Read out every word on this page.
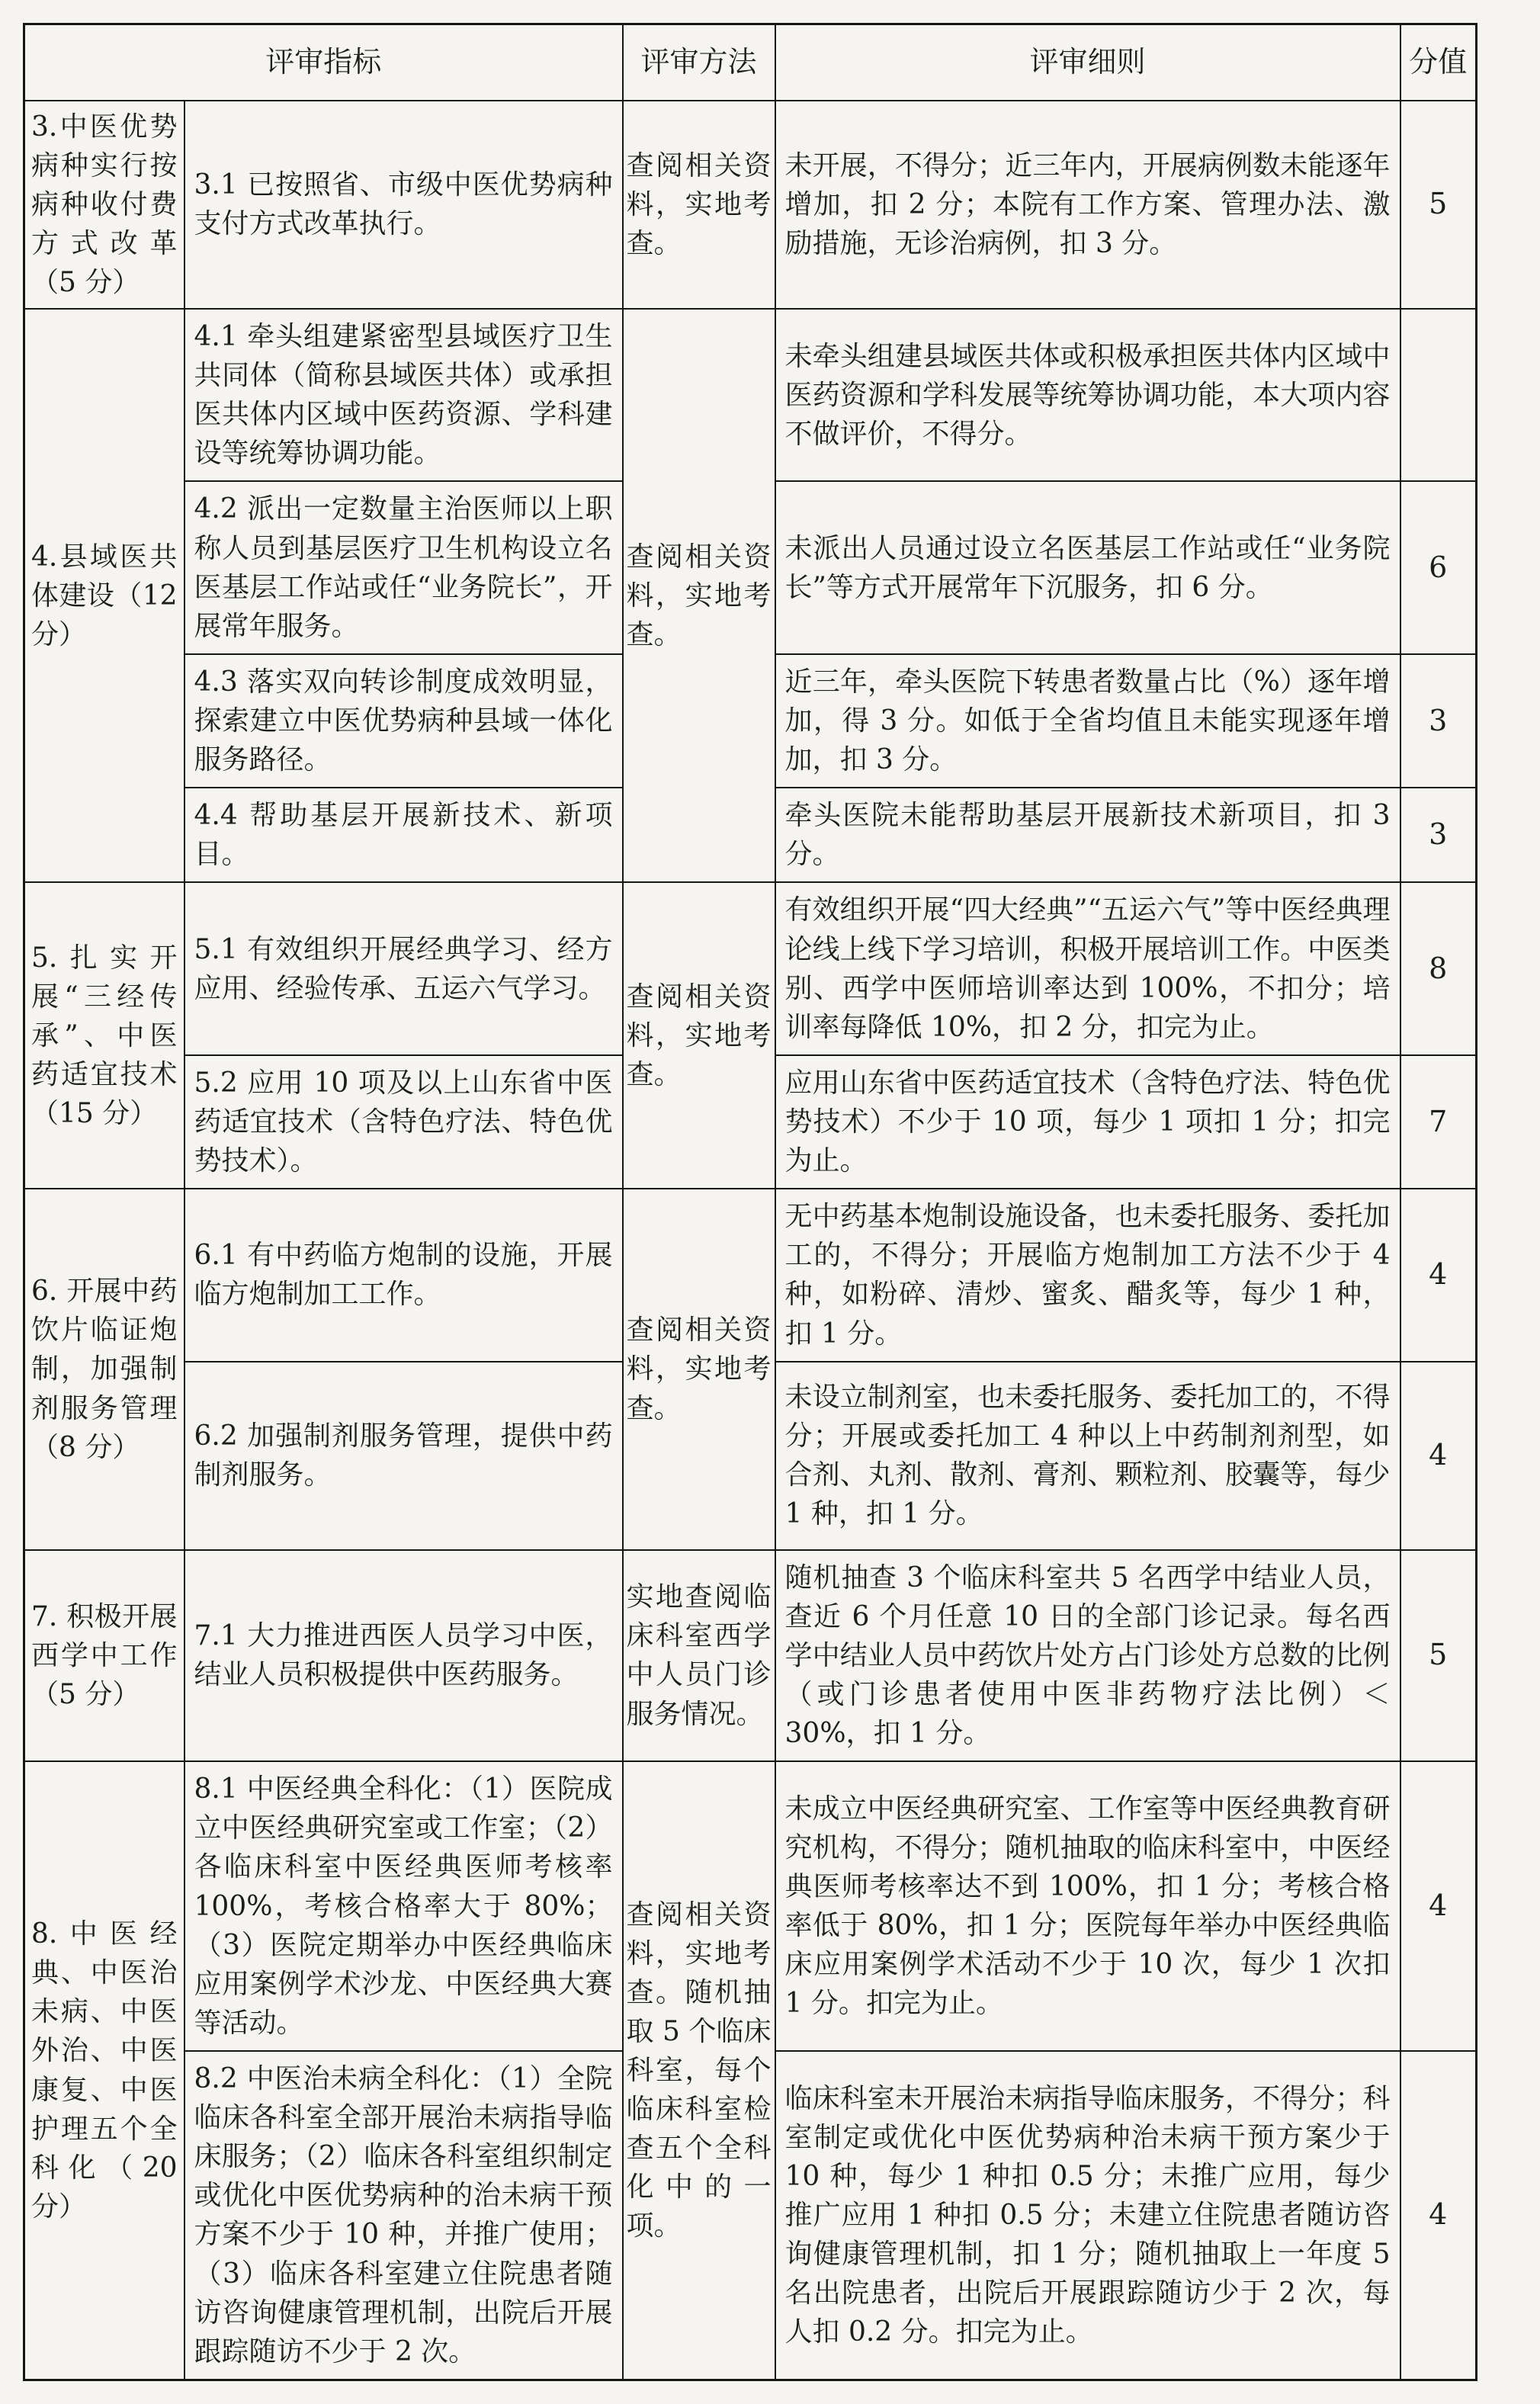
评审指标		评审方法	评审细则	分值
3.中医优势病种实行按病种收付费方式改革（5 分）	3.1 已按照省、市级中医优势病种支付方式改革执行。	查阅相关资料，实地考查。	未开展，不得分；近三年内，开展病例数未能逐年增加，扣 2 分；本院有工作方案、管理办法、激励措施，无诊治病例，扣 3 分。	5
4.县域医共体建设（12 分）	4.1 牵头组建紧密型县域医疗卫生共同体（简称县域医共体）或承担医共体内区域中医药资源、学科建设等统筹协调功能。	查阅相关资料，实地考查。	未牵头组建县域医共体或积极承担医共体内区域中医药资源和学科发展等统筹协调功能，本大项内容不做评价，不得分。	
	4.2 派出一定数量主治医师以上职称人员到基层医疗卫生机构设立名医基层工作站或任“业务院长”，开展常年服务。		未派出人员通过设立名医基层工作站或任“业务院长”等方式开展常年下沉服务，扣 6 分。	6
	4.3 落实双向转诊制度成效明显，探索建立中医优势病种县域一体化服务路径。		近三年，牵头医院下转患者数量占比（%）逐年增加，得 3 分。如低于全省均值且未能实现逐年增加，扣 3 分。	3
	4.4 帮助基层开展新技术、新项目。		牵头医院未能帮助基层开展新技术新项目，扣 3 分。	3
5.扎实开展“三经传承”、中医药适宜技术（15 分）	5.1 有效组织开展经典学习、经方应用、经验传承、五运六气学习。	查阅相关资料，实地考查。	有效组织开展“四大经典”“五运六气”等中医经典理论线上线下学习培训，积极开展培训工作。中医类别、西学中医师培训率达到 100%，不扣分；培训率每降低 10%，扣 2 分，扣完为止。	8
	5.2 应用 10 项及以上山东省中医药适宜技术（含特色疗法、特色优势技术）。		应用山东省中医药适宜技术（含特色疗法、特色优势技术）不少于 10 项，每少 1 项扣 1 分；扣完为止。	7
6. 开展中药饮片临证炮制，加强制剂服务管理（8 分）	6.1 有中药临方炮制的设施，开展临方炮制加工工作。	查阅相关资料，实地考查。	无中药基本炮制设施设备，也未委托服务、委托加工的，不得分；开展临方炮制加工方法不少于 4 种，如粉碎、清炒、蜜炙、醋炙等，每少 1 种，扣 1 分。	4
	6.2 加强制剂服务管理，提供中药制剂服务。		未设立制剂室，也未委托服务、委托加工的，不得分；开展或委托加工 4 种以上中药制剂剂型，如合剂、丸剂、散剂、膏剂、颗粒剂、胶囊等，每少 1 种，扣 1 分。	4
7. 积极开展西学中工作（5 分）	7.1 大力推进西医人员学习中医，结业人员积极提供中医药服务。	实地查阅临床科室西学中人员门诊服务情况。	随机抽查 3 个临床科室共 5 名西学中结业人员，查近 6 个月任意 10 日的全部门诊记录。每名西学中结业人员中药饮片处方占门诊处方总数的比例（或门诊患者使用中医非药物疗法比例）＜30%，扣 1 分。	5
8.中医经典、中医治未病、中医外治、中医康复、中医护理五个全科化（20 分）	8.1 中医经典全科化：（1）医院成立中医经典研究室或工作室；（2）各临床科室中医经典医师考核率 100%，考核合格率大于 80%；（3）医院定期举办中医经典临床应用案例学术沙龙、中医经典大赛等活动。	查阅相关资料，实地考查。随机抽取 5 个临床科室，每个临床科室检查五个全科化中的一项。	未成立中医经典研究室、工作室等中医经典教育研究机构，不得分；随机抽取的临床科室中，中医经典医师考核率达不到 100%，扣 1 分；考核合格率低于 80%，扣 1 分；医院每年举办中医经典临床应用案例学术活动不少于 10 次，每少 1 次扣 1 分。扣完为止。	4
	8.2 中医治未病全科化：（1）全院临床各科室全部开展治未病指导临床服务；（2）临床各科室组织制定或优化中医优势病种的治未病干预方案不少于 10 种，并推广使用；（3）临床各科室建立住院患者随访咨询健康管理机制，出院后开展跟踪随访不少于 2 次。		临床科室未开展治未病指导临床服务，不得分；科室制定或优化中医优势病种治未病干预方案少于 10 种，每少 1 种扣 0.5 分；未推广应用，每少推广应用 1 种扣 0.5 分；未建立住院患者随访咨询健康管理机制，扣 1 分；随机抽取上一年度 5 名出院患者，出院后开展跟踪随访少于 2 次，每人扣 0.2 分。扣完为止。	4
